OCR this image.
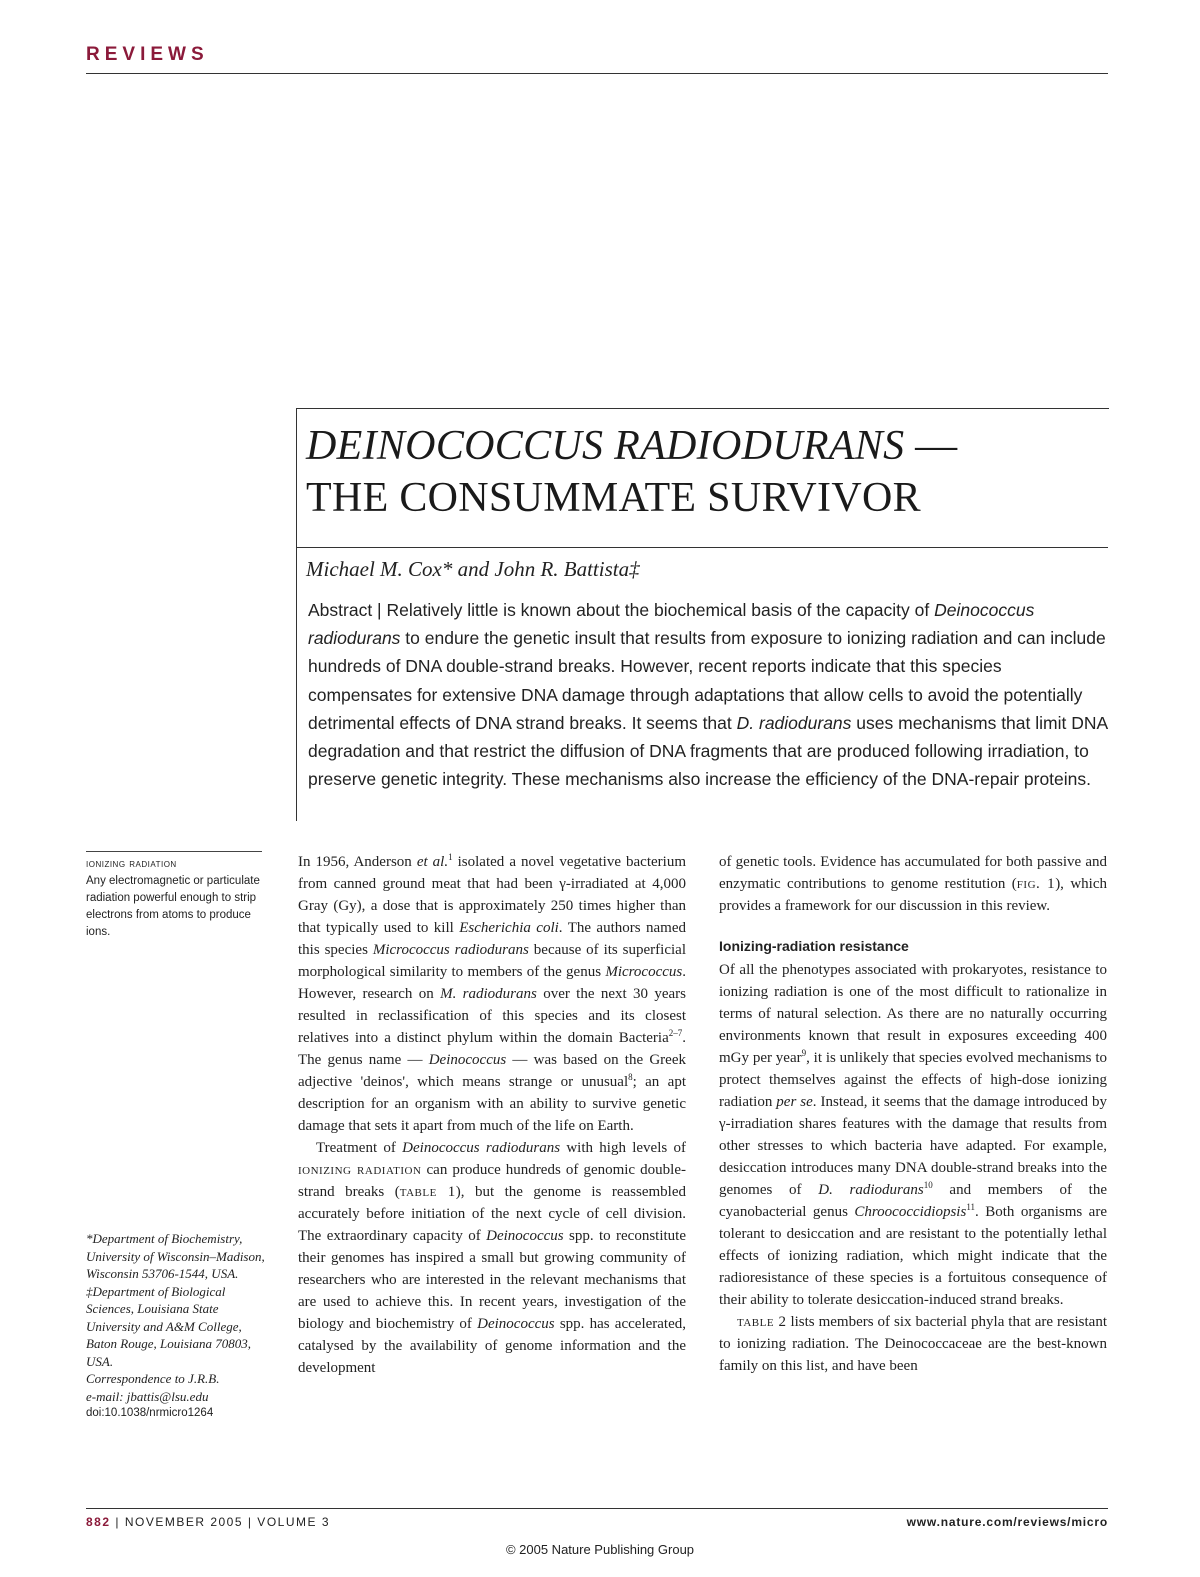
REVIEWS
DEINOCOCCUS RADIODURANS —
THE CONSUMMATE SURVIVOR
Michael M. Cox* and John R. Battista‡
Abstract | Relatively little is known about the biochemical basis of the capacity of Deinococcus radiodurans to endure the genetic insult that results from exposure to ionizing radiation and can include hundreds of DNA double-strand breaks. However, recent reports indicate that this species compensates for extensive DNA damage through adaptations that allow cells to avoid the potentially detrimental effects of DNA strand breaks. It seems that D. radiodurans uses mechanisms that limit DNA degradation and that restrict the diffusion of DNA fragments that are produced following irradiation, to preserve genetic integrity. These mechanisms also increase the efficiency of the DNA-repair proteins.
ionizing radiation
Any electromagnetic or particulate radiation powerful enough to strip electrons from atoms to produce ions.
*Department of Biochemistry, University of Wisconsin–Madison, Wisconsin 53706-1544, USA.
‡Department of Biological Sciences, Louisiana State University and A&M College, Baton Rouge, Louisiana 70803, USA.
Correspondence to J.R.B.
e-mail: jbattis@lsu.edu
doi:10.1038/nrmicro1264

In 1956, Anderson et al.$^1$ isolated a novel vegetative bacterium from canned ground meat that had been γ-irradiated at 4,000 Gray (Gy), a dose that is approximately 250 times higher than that typically used to kill Escherichia coli. The authors named this species Micrococcus radiodurans because of its superficial morphological similarity to members of the genus Micrococcus. However, research on M. radiodurans over the next 30 years resulted in reclassification of this species and its closest relatives into a distinct phylum within the domain Bacteria$^{2-7}$. The genus name — Deinococcus — was based on the Greek adjective 'deinos', which means strange or unusual$^8$; an apt description for an organism with an ability to survive genetic damage that sets it apart from much of the life on Earth.

Treatment of Deinococcus radiodurans with high levels of ionizing radiation can produce hundreds of genomic double-strand breaks (table 1), but the genome is reassembled accurately before initiation of the next cycle of cell division. The extraordinary capacity of Deinococcus spp. to reconstitute their genomes has inspired a small but growing community of researchers who are interested in the relevant mechanisms that are used to achieve this. In recent years, investigation of the biology and biochemistry of Deinococcus spp. has accelerated, catalysed by the availability of genome information and the development

of genetic tools. Evidence has accumulated for both passive and enzymatic contributions to genome restitution (fig. 1), which provides a framework for our discussion in this review.

Ionizing-radiation resistance

Of all the phenotypes associated with prokaryotes, resistance to ionizing radiation is one of the most difficult to rationalize in terms of natural selection. As there are no naturally occurring environments known that result in exposures exceeding 400 mGy per year$^9$, it is unlikely that species evolved mechanisms to protect themselves against the effects of high-dose ionizing radiation per se. Instead, it seems that the damage introduced by γ-irradiation shares features with the damage that results from other stresses to which bacteria have adapted. For example, desiccation introduces many DNA double-strand breaks into the genomes of D. radiodurans$^{10}$ and members of the cyanobacterial genus Chroococcidiopsis$^{11}$. Both organisms are tolerant to desiccation and are resistant to the potentially lethal effects of ionizing radiation, which might indicate that the radioresistance of these species is a fortuitous consequence of their ability to tolerate desiccation-induced strand breaks.

table 2 lists members of six bacterial phyla that are resistant to ionizing radiation. The Deinococcaceae are the best-known family on this list, and have been

882 | NOVEMBER 2005 | VOLUME 3	www.nature.com/reviews/micro
© 2005 Nature Publishing Group
